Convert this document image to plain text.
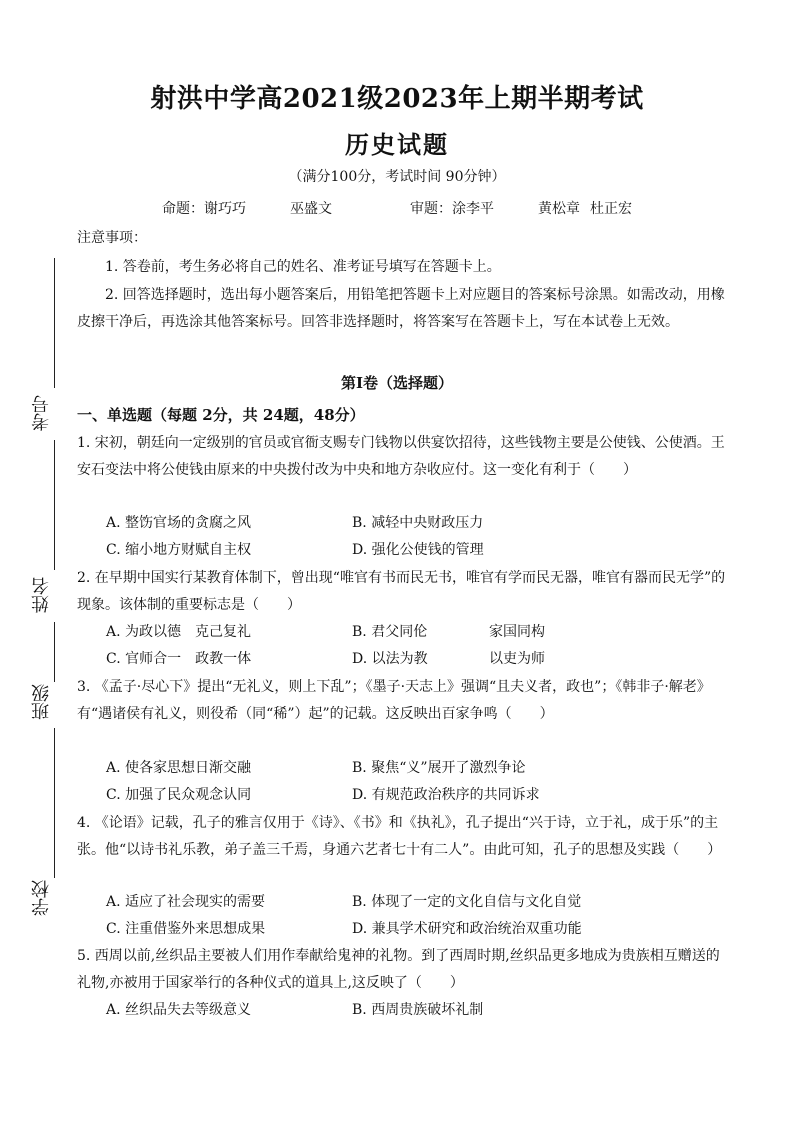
考号
姓名
班级
学校
射洪中学高2021级2023年上期半期考试
历史试题
（满分100分，考试时间 90分钟）
命题：谢巧巧	巫盛文	审题：涂李平	黄松章 杜正宏
注意事项：
1. 答卷前，考生务必将自己的姓名、准考证号填写在答题卡上。
2. 回答选择题时，选出每小题答案后，用铅笔把答题卡上对应题目的答案标号涂黑。如需改动，用橡皮擦干净后，再选涂其他答案标号。回答非选择题时，将答案写在答题卡上，写在本试卷上无效。
第Ⅰ卷（选择题）
一、单选题（每题 2分，共 24题，48分）
1. 宋初，朝廷向一定级别的官员或官衙支赐专门钱物以供宴饮招待，这些钱物主要是公使钱、公使酒。王安石变法中将公使钱由原来的中央拨付改为中央和地方杂收应付。这一变化有利于（　　）
A. 整饬官场的贪腐之风	B. 减轻中央财政压力
C. 缩小地方财赋自主权	D. 强化公使钱的管理
2. 在早期中国实行某教育体制下，曾出现“唯官有书而民无书，唯官有学而民无器，唯官有器而民无学”的现象。该体制的重要标志是（　　）
A. 为政以德　克己复礼	B. 君父同伦	家国同构
C. 官师合一　政教一体	D. 以法为教	以吏为师
3. 《孟子·尽心下》提出“无礼义，则上下乱”；《墨子·天志上》强调“且夫义者，政也”；《韩非子·解老》有“遇诸侯有礼义，则役希（同“稀”）起”的记载。这反映出百家争鸣（　　）
A. 使各家思想日渐交融	B. 聚焦“义”展开了激烈争论
C. 加强了民众观念认同	D. 有规范政治秩序的共同诉求
4. 《论语》记载，孔子的雅言仅用于《诗》、《书》和《执礼》，孔子提出“兴于诗，立于礼，成于乐”的主张。他“以诗书礼乐教，弟子盖三千焉，身通六艺者七十有二人”。由此可知，孔子的思想及实践（　　）
A. 适应了社会现实的需要	B. 体现了一定的文化自信与文化自觉
C. 注重借鉴外来思想成果	D. 兼具学术研究和政治统治双重功能
5. 西周以前,丝织品主要被人们用作奉献给鬼神的礼物。到了西周时期,丝织品更多地成为贵族相互赠送的礼物,亦被用于国家举行的各种仪式的道具上,这反映了（　　）
A. 丝织品失去等级意义	B. 西周贵族破坏礼制
